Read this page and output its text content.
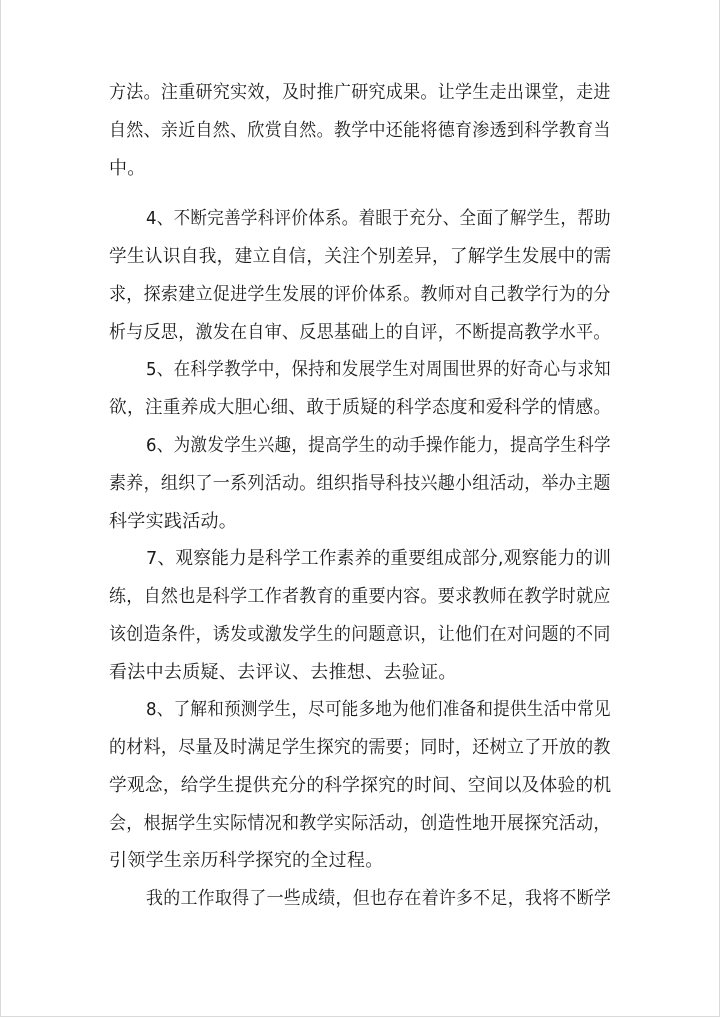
方法。注重研究实效，及时推广研究成果。让学生走出课堂，走进
自然、亲近自然、欣赏自然。教学中还能将德育渗透到科学教育当
中。
4、不断完善学科评价体系。着眼于充分、全面了解学生，帮助
学生认识自我，建立自信，关注个别差异，了解学生发展中的需
求，探索建立促进学生发展的评价体系。教师对自己教学行为的分
析与反思，激发在自审、反思基础上的自评，不断提高教学水平。
5、在科学教学中，保持和发展学生对周围世界的好奇心与求知
欲，注重养成大胆心细、敢于质疑的科学态度和爱科学的情感。
6、为激发学生兴趣，提高学生的动手操作能力，提高学生科学
素养，组织了一系列活动。组织指导科技兴趣小组活动，举办主题
科学实践活动。
7、观察能力是科学工作素养的重要组成部分,观察能力的训
练，自然也是科学工作者教育的重要内容。要求教师在教学时就应
该创造条件，诱发或激发学生的问题意识，让他们在对问题的不同
看法中去质疑、去评议、去推想、去验证。
8、了解和预测学生，尽可能多地为他们准备和提供生活中常见
的材料，尽量及时满足学生探究的需要；同时，还树立了开放的教
学观念，给学生提供充分的科学探究的时间、空间以及体验的机
会，根据学生实际情况和教学实际活动，创造性地开展探究活动，
引领学生亲历科学探究的全过程。
我的工作取得了一些成绩，但也存在着许多不足，我将不断学
